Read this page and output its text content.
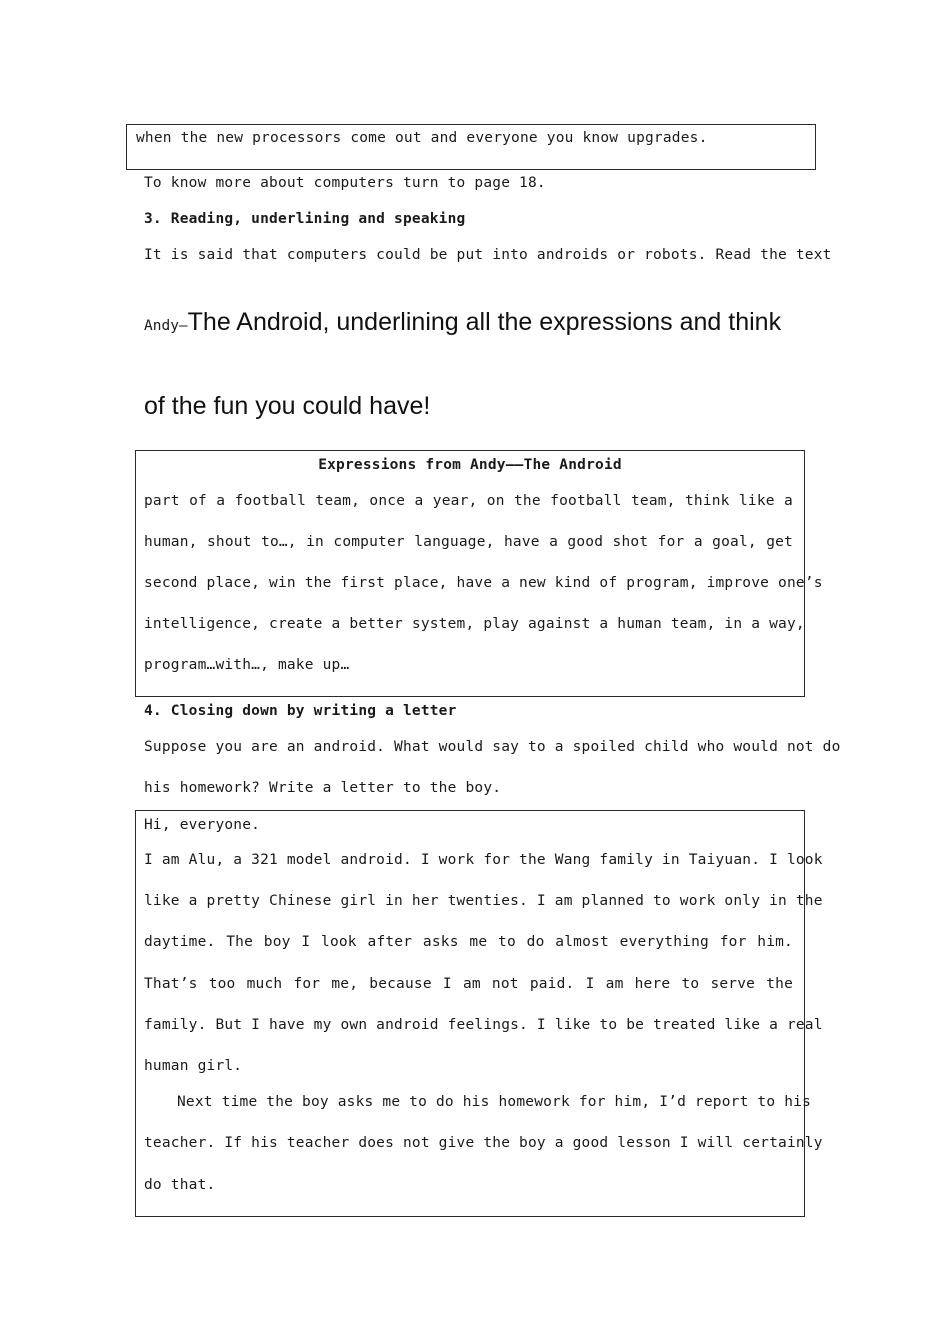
when the new processors come out and everyone you know upgrades.
To know more about computers turn to page 18.
3. Reading, underlining and speaking
It is said that computers could be put into androids or robots. Read the text
Andy—The Android, underlining all the expressions and think
of the fun you could have!
Expressions from Andy——The Android
part of a football team, once a year, on the football team, think like a
human, shout to…, in computer language, have a good shot for a goal, get
second place, win the first place, have a new kind of program, improve one’s
intelligence, create a better system, play against a human team, in a way,
program…with…, make up…
4. Closing down by writing a letter
Suppose you are an android. What would say to a spoiled child who would not do
his homework? Write a letter to the boy.
Hi, everyone.
I am Alu, a 321 model android. I work for the Wang family in Taiyuan. I look
like a pretty Chinese girl in her twenties. I am planned to work only in the
daytime. The boy I look after asks me to do almost everything for him.
That’s too much for me, because I am not paid. I am here to serve the
family. But I have my own android feelings. I like to be treated like a real
human girl.
Next time the boy asks me to do his homework for him, I’d report to his
teacher. If his teacher does not give the boy a good lesson I will certainly
do that.
